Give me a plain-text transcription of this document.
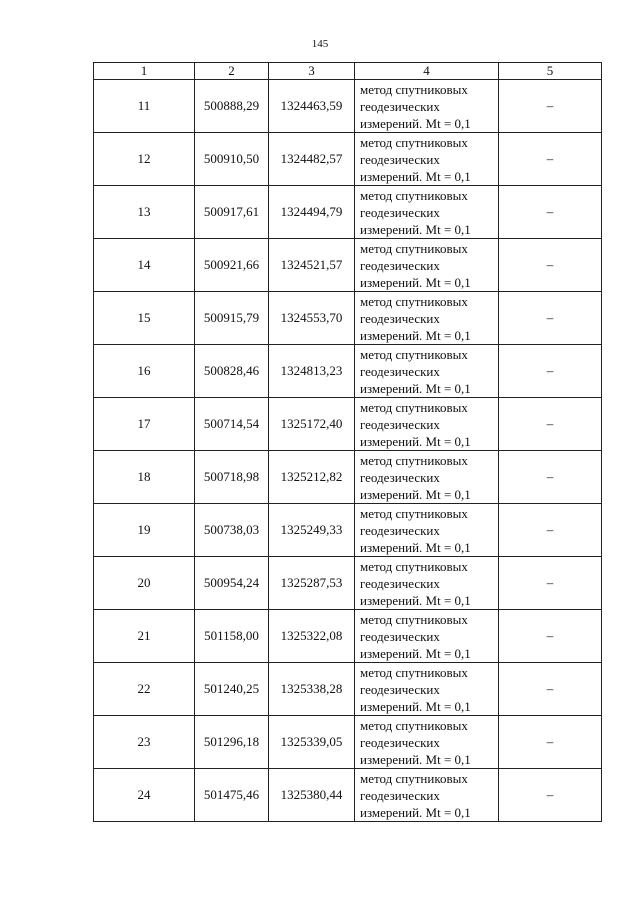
145
1	2	3	4	5
11	500888,29	1324463,59	метод спутниковых
геодезических
измерений. Mt = 0,1	–
12	500910,50	1324482,57	метод спутниковых
геодезических
измерений. Mt = 0,1	–
13	500917,61	1324494,79	метод спутниковых
геодезических
измерений. Mt = 0,1	–
14	500921,66	1324521,57	метод спутниковых
геодезических
измерений. Mt = 0,1	–
15	500915,79	1324553,70	метод спутниковых
геодезических
измерений. Mt = 0,1	–
16	500828,46	1324813,23	метод спутниковых
геодезических
измерений. Mt = 0,1	–
17	500714,54	1325172,40	метод спутниковых
геодезических
измерений. Mt = 0,1	–
18	500718,98	1325212,82	метод спутниковых
геодезических
измерений. Mt = 0,1	–
19	500738,03	1325249,33	метод спутниковых
геодезических
измерений. Mt = 0,1	–
20	500954,24	1325287,53	метод спутниковых
геодезических
измерений. Mt = 0,1	–
21	501158,00	1325322,08	метод спутниковых
геодезических
измерений. Mt = 0,1	–
22	501240,25	1325338,28	метод спутниковых
геодезических
измерений. Mt = 0,1	–
23	501296,18	1325339,05	метод спутниковых
геодезических
измерений. Mt = 0,1	–
24	501475,46	1325380,44	метод спутниковых
геодезических
измерений. Mt = 0,1	–
